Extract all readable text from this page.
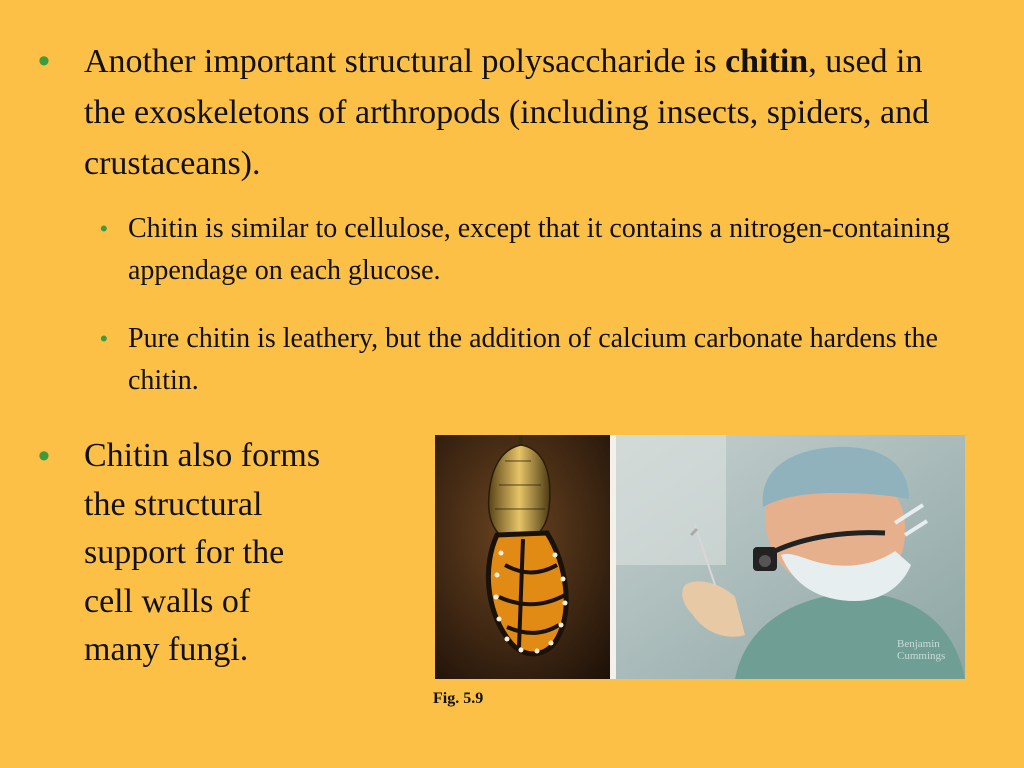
•	Another important structural polysaccharide is chitin, used in the exoskeletons of arthropods (including insects, spiders, and crustaceans).
• Chitin is similar to cellulose, except that it contains a nitrogen-containing appendage on each glucose.
• Pure chitin is leathery, but the addition of calcium carbonate hardens the chitin.
•	Chitin also forms
the structural
support for the
cell walls of
many fungi.	Benjamin
Cummings
Fig. 5.9
